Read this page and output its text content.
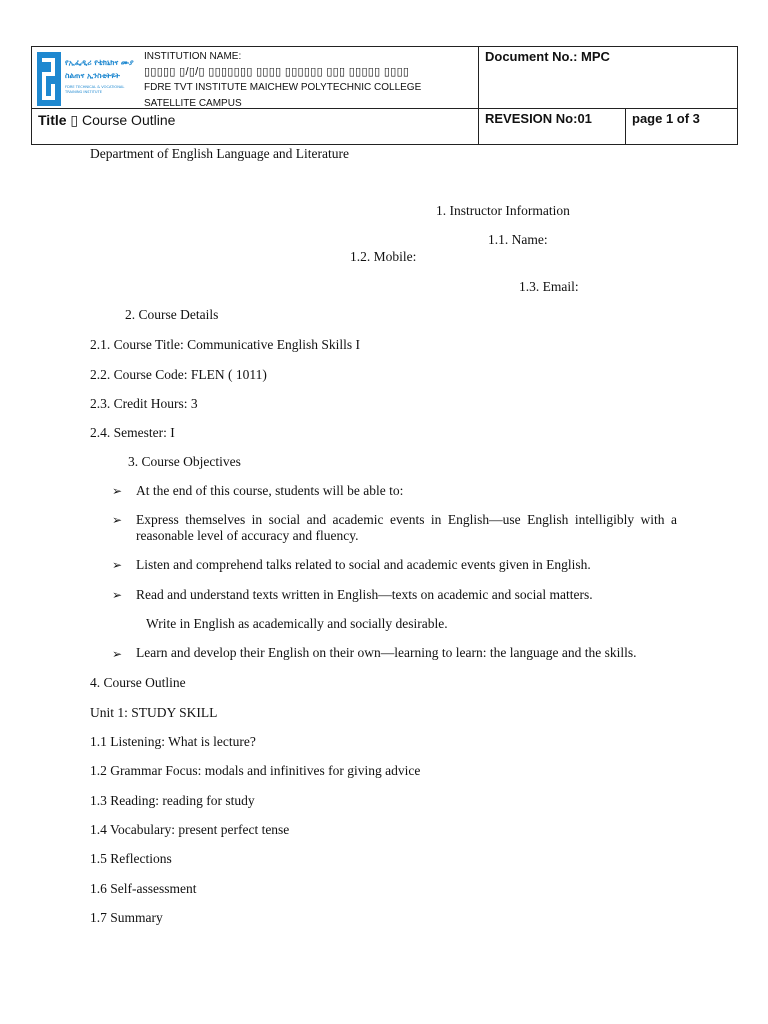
የኢፌዲሪ የቴክኒክና ሙያ
ስልጠና ኢንስቲትዩት
FDRE TECHNICAL & VOCATIONAL
TRAINING INSTITUTE
INSTITUTION NAME:
▯▯▯▯▯ ▯/▯/▯ ▯▯▯▯▯▯▯ ▯▯▯▯ ▯▯▯▯▯▯ ▯▯▯ ▯▯▯▯▯ ▯▯▯▯
FDRE TVT INSTITUTE MAICHEW POLYTECHNIC COLLEGE
SATELLITE CAMPUS
Document No.: MPC
Title ▯ Course Outline	REVESION No:01	page 1 of 3
Department of English Language and Literature
1. Instructor Information
1.1. Name:
1.2. Mobile:
1.3. Email:
2. Course Details
2.1. Course Title: Communicative English Skills I
2.2. Course Code: FLEN ( 1011)
2.3. Credit Hours: 3
2.4. Semester: I
3. Course Objectives
➢ At the end of this course, students will be able to:
➢ Express themselves in social and academic events in English—use English intelligibly with a reasonable level of accuracy and fluency.
➢ Listen and comprehend talks related to social and academic events given in English.
➢ Read and understand texts written in English—texts on academic and social matters.
Write in English as academically and socially desirable.
➢ Learn and develop their English on their own—learning to learn: the language and the skills.
4. Course Outline
Unit 1: STUDY SKILL
1.1 Listening: What is lecture?
1.2 Grammar Focus: modals and infinitives for giving advice
1.3 Reading: reading for study
1.4 Vocabulary: present perfect tense
1.5 Reflections
1.6 Self-assessment
1.7 Summary
